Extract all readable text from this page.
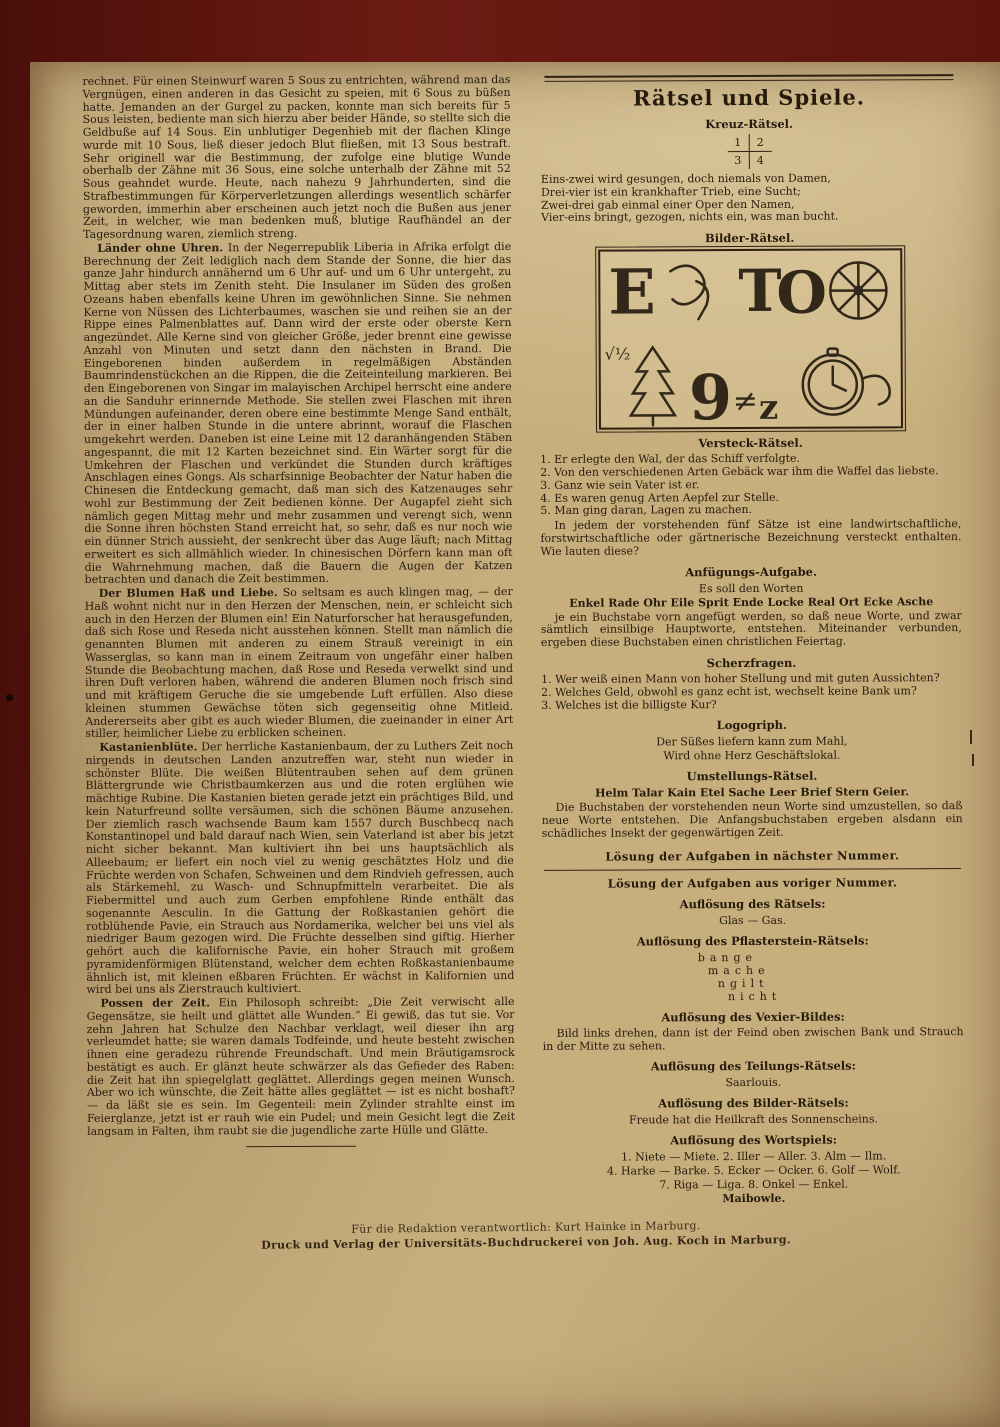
rechnet. Für einen Steinwurf waren 5 Sous zu entrichten, während man das Vergnügen, einen anderen in das Gesicht zu speien, mit 6 Sous zu büßen hatte. Jemanden an der Gurgel zu packen, konnte man sich bereits für 5 Sous leisten, bediente man sich hierzu aber beider Hände, so stellte sich die Geldbuße auf 14 Sous. Ein unblutiger Degenhieb mit der flachen Klinge wurde mit 10 Sous, ließ dieser jedoch Blut fließen, mit 13 Sous bestraft. Sehr originell war die Bestimmung, der zufolge eine blutige Wunde oberhalb der Zähne mit 36 Sous, eine solche unterhalb der Zähne mit 52 Sous geahndet wurde. Heute, nach nahezu 9 Jahrhunderten, sind die Strafbestimmungen für Körperverletzungen allerdings wesentlich schärfer geworden, immerhin aber erscheinen auch jetzt noch die Bußen aus jener Zeit, in welcher, wie man bedenken muß, blutige Raufhändel an der Tagesordnung waren, ziemlich streng.

Länder ohne Uhren. In der Negerrepublik Liberia in Afrika erfolgt die Berechnung der Zeit lediglich nach dem Stande der Sonne, die hier das ganze Jahr hindurch annähernd um 6 Uhr auf- und um 6 Uhr untergeht, zu Mittag aber stets im Zenith steht. Die Insulaner im Süden des großen Ozeans haben ebenfalls keine Uhren im gewöhnlichen Sinne. Sie nehmen Kerne von Nüssen des Lichterbaumes, waschen sie und reihen sie an der Rippe eines Palmenblattes auf. Dann wird der erste oder oberste Kern angezündet. Alle Kerne sind von gleicher Größe, jeder brennt eine gewisse Anzahl von Minuten und setzt dann den nächsten in Brand. Die Eingeborenen binden außerdem in regelmäßigen Abständen Baumrindenstückchen an die Rippen, die die Zeiteinteilung markieren. Bei den Eingeborenen von Singar im malayischen Archipel herrscht eine andere an die Sanduhr erinnernde Methode. Sie stellen zwei Flaschen mit ihren Mündungen aufeinander, deren obere eine bestimmte Menge Sand enthält, der in einer halben Stunde in die untere abrinnt, worauf die Flaschen umgekehrt werden. Daneben ist eine Leine mit 12 daranhängenden Stäben angespannt, die mit 12 Karten bezeichnet sind. Ein Wärter sorgt für die Umkehren der Flaschen und verkündet die Stunden durch kräftiges Anschlagen eines Gongs. Als scharfsinnige Beobachter der Natur haben die Chinesen die Entdeckung gemacht, daß man sich des Katzenauges sehr wohl zur Bestimmung der Zeit bedienen könne. Der Augapfel zieht sich nämlich gegen Mittag mehr und mehr zusammen und verengt sich, wenn die Sonne ihren höchsten Stand erreicht hat, so sehr, daß es nur noch wie ein dünner Strich aussieht, der senkrecht über das Auge läuft; nach Mittag erweitert es sich allmählich wieder. In chinesischen Dörfern kann man oft die Wahrnehmung machen, daß die Bauern die Augen der Katzen betrachten und danach die Zeit bestimmen.

Der Blumen Haß und Liebe. So seltsam es auch klingen mag, — der Haß wohnt nicht nur in den Herzen der Menschen, nein, er schleicht sich auch in den Herzen der Blumen ein! Ein Naturforscher hat herausgefunden, daß sich Rose und Reseda nicht ausstehen können. Stellt man nämlich die genannten Blumen mit anderen zu einem Strauß vereinigt in ein Wasserglas, so kann man in einem Zeitraum von ungefähr einer halben Stunde die Beobachtung machen, daß Rose und Reseda verwelkt sind und ihren Duft verloren haben, während die anderen Blumen noch frisch sind und mit kräftigem Geruche die sie umgebende Luft erfüllen. Also diese kleinen stummen Gewächse töten sich gegenseitig ohne Mitleid. Andererseits aber gibt es auch wieder Blumen, die zueinander in einer Art stiller, heimlicher Liebe zu erblicken scheinen.

Kastanienblüte. Der herrliche Kastanienbaum, der zu Luthers Zeit noch nirgends in deutschen Landen anzutreffen war, steht nun wieder in schönster Blüte. Die weißen Blütentrauben sehen auf dem grünen Blättergrunde wie Christbaumkerzen aus und die roten erglühen wie mächtige Rubine. Die Kastanien bieten gerade jetzt ein prächtiges Bild, und kein Naturfreund sollte versäumen, sich die schönen Bäume anzusehen. Der ziemlich rasch wachsende Baum kam 1557 durch Buschbecq nach Konstantinopel und bald darauf nach Wien, sein Vaterland ist aber bis jetzt nicht sicher bekannt. Man kultiviert ihn bei uns hauptsächlich als Alleebaum; er liefert ein noch viel zu wenig geschätztes Holz und die Früchte werden von Schafen, Schweinen und dem Rindvieh gefressen, auch als Stärkemehl, zu Wasch- und Schnupfmitteln verarbeitet. Die als Fiebermittel und auch zum Gerben empfohlene Rinde enthält das sogenannte Aesculin. In die Gattung der Roßkastanien gehört die rotblühende Pavie, ein Strauch aus Nordamerika, welcher bei uns viel als niedriger Baum gezogen wird. Die Früchte desselben sind giftig. Hierher gehört auch die kalifornische Pavie, ein hoher Strauch mit großem pyramidenförmigen Blütenstand, welcher dem echten Roßkastanienbaume ähnlich ist, mit kleinen eßbaren Früchten. Er wächst in Kalifornien und wird bei uns als Zierstrauch kultiviert.

Possen der Zeit. Ein Philosoph schreibt: „Die Zeit verwischt alle Gegensätze, sie heilt und glättet alle Wunden.“ Ei gewiß, das tut sie. Vor zehn Jahren hat Schulze den Nachbar verklagt, weil dieser ihn arg verleumdet hatte; sie waren damals Todfeinde, und heute besteht zwischen ihnen eine geradezu rührende Freundschaft. Und mein Bräutigamsrock bestätigt es auch. Er glänzt heute schwärzer als das Gefieder des Raben: die Zeit hat ihn spiegelglatt geglättet. Allerdings gegen meinen Wunsch. Aber wo ich wünschte, die Zeit hätte alles geglättet — ist es nicht boshaft? — da läßt sie es sein. Im Gegenteil: mein Zylinder strahlte einst im Feierglanze, jetzt ist er rauh wie ein Pudel; und mein Gesicht legt die Zeit langsam in Falten, ihm raubt sie die jugendliche zarte Hülle und Glätte.

Rätsel und Spiele.
Kreuz-Rätsel.
1	2
3	4
Eins-zwei wird gesungen, doch niemals von Damen,
Drei-vier ist ein krankhafter Trieb, eine Sucht;
Zwei-drei gab einmal einer Oper den Namen,
Vier-eins bringt, gezogen, nichts ein, was man bucht.
Bilder-Rätsel.
E T
O
√½
9 ≠ z
Versteck-Rätsel.
1. Er erlegte den Wal, der das Schiff verfolgte.
2. Von den verschiedenen Arten Gebäck war ihm die Waffel das liebste.
3. Ganz wie sein Vater ist er.
4. Es waren genug Arten Aepfel zur Stelle.
5. Man ging daran, Lagen zu machen.
In jedem der vorstehenden fünf Sätze ist eine landwirtschaftliche, forstwirtschaftliche oder gärtnerische Bezeichnung versteckt enthalten. Wie lauten diese?
Anfügungs-Aufgabe.
Es soll den Worten
Enkel Rade Ohr Eile Sprit Ende Locke Real Ort Ecke Asche
je ein Buchstabe vorn angefügt werden, so daß neue Worte, und zwar sämtlich einsilbige Hauptworte, entstehen. Miteinander verbunden, ergeben diese Buchstaben einen christlichen Feiertag.
Scherzfragen.
1. Wer weiß einen Mann von hoher Stellung und mit guten Aussichten?
2. Welches Geld, obwohl es ganz echt ist, wechselt keine Bank um?
3. Welches ist die billigste Kur?
Logogriph.
Der Süßes liefern kann zum Mahl,
Wird ohne Herz Geschäftslokal.
Umstellungs-Rätsel.
Helm Talar Kain Etel Sache Leer Brief Stern Geier.
Die Buchstaben der vorstehenden neun Worte sind umzustellen, so daß neue Worte entstehen. Die Anfangsbuchstaben ergeben alsdann ein schädliches Insekt der gegenwärtigen Zeit.
Lösung der Aufgaben in nächster Nummer.
Lösung der Aufgaben aus voriger Nummer.
Auflösung des Rätsels:
Glas — Gas.
Auflösung des Pflasterstein-Rätsels:
bange
mache
ngilt
nicht
Auflösung des Vexier-Bildes:
Bild links drehen, dann ist der Feind oben zwischen Bank und Strauch in der Mitte zu sehen.
Auflösung des Teilungs-Rätsels:
Saarlouis.
Auflösung des Bilder-Rätsels:
Freude hat die Heilkraft des Sonnenscheins.
Auflösung des Wortspiels:
1. Niete — Miete. 2. Iller — Aller. 3. Alm — Ilm.
4. Harke — Barke. 5. Ecker — Ocker. 6. Golf — Wolf.
7. Riga — Liga. 8. Onkel — Enkel.
Maibowle.
Für die Redaktion verantwortlich: Kurt Hainke in Marburg.
Druck und Verlag der Universitäts-Buchdruckerei von Joh. Aug. Koch in Marburg.
